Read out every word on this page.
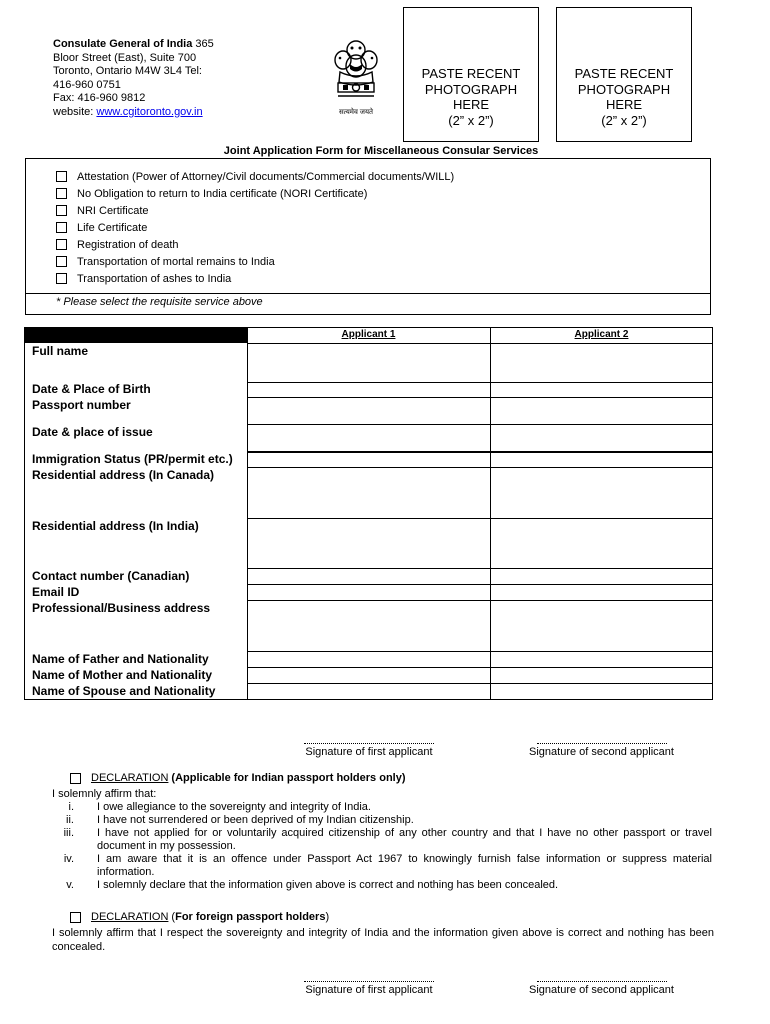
Consulate General of India 365
Bloor Street (East), Suite 700
Toronto, Ontario M4W 3L4 Tel:
416-960 0751
Fax: 416-960 9812
website: www.cgitoronto.gov.in	सत्यमेव जयते
PASTE RECENT
PHOTOGRAPH
HERE
(2” x 2”)
PASTE RECENT
PHOTOGRAPH
HERE
(2” x 2”)
Joint Application Form for Miscellaneous Consular Services
Attestation (Power of Attorney/Civil documents/Commercial documents/WILL)
No Obligation to return to India certificate (NORI Certificate)
NRI Certificate
Life Certificate
Registration of death
Transportation of mortal remains to India
Transportation of ashes to India
* Please select the requisite service above
Applicant 1	Applicant 2
Full name
Date & Place of Birth
Passport number
Date & place of issue
Immigration Status (PR/permit etc.)
Residential address (In Canada)
Residential address (In India)
Contact number (Canadian)
Email ID
Professional/Business address
Name of Father and Nationality
Name of Mother and Nationality
Name of Spouse and Nationality
Signature of first applicant	Signature of second applicant
DECLARATION (Applicable for Indian passport holders only)
I solemnly affirm that:
i. I owe allegiance to the sovereignty and integrity of India.
ii. I have not surrendered or been deprived of my Indian citizenship.
iii. I have not applied for or voluntarily acquired citizenship of any other country and that I have no other passport or travel document in my possession.
iv. I am aware that it is an offence under Passport Act 1967 to knowingly furnish false information or suppress material information.
v. I solemnly declare that the information given above is correct and nothing has been concealed.
DECLARATION ( For foreign passport holders )
I solemnly affirm that I respect the sovereignty and integrity of India and the information given above is correct and nothing has been concealed.
Signature of first applicant	Signature of second applicant
